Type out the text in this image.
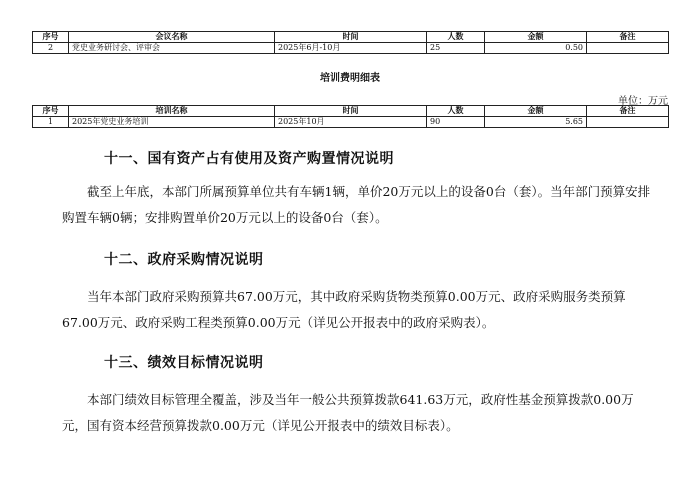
序号	会议名称	时间	人数	金额	备注
2	党史业务研讨会、评审会	2025年6月-10月	25	0.50	
培训费明细表
单位：万元
序号	培训名称	时间	人数	金额	备注
1	2025年党史业务培训	2025年10月	90	5.65	
十一、国有资产占有使用及资产购置情况说明

截至上年底，本部门所属预算单位共有车辆1辆，单价20万元以上的设备0台（套）。当年部门预算安排购置车辆0辆；安排购置单价20万元以上的设备0台（套）。

十二、政府采购情况说明

当年本部门政府采购预算共67.00万元，其中政府采购货物类预算0.00万元、政府采购服务类预算67.00万元、政府采购工程类预算0.00万元（详见公开报表中的政府采购表）。

十三、绩效目标情况说明

本部门绩效目标管理全覆盖，涉及当年一般公共预算拨款641.63万元，政府性基金预算拨款0.00万元，国有资本经营预算拨款0.00万元（详见公开报表中的绩效目标表）。
